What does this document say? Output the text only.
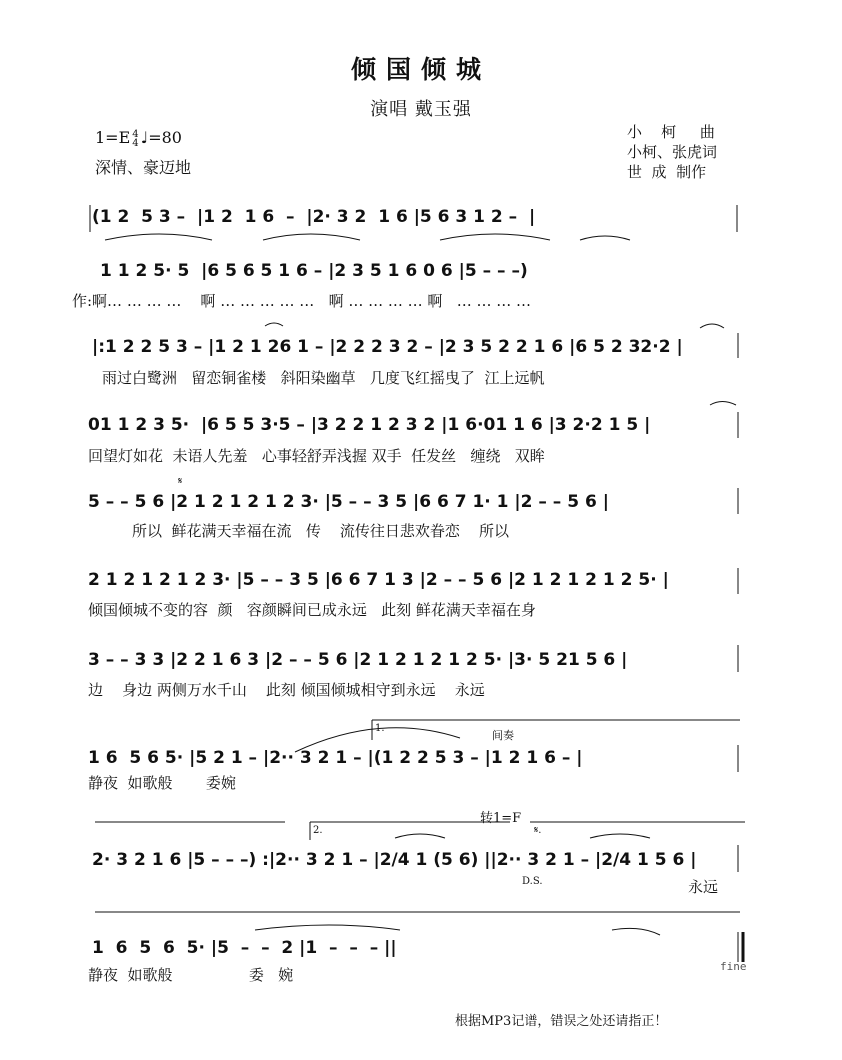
倾国倾城
演唱 戴玉强
1=E 4
4 ♩=80
深情、豪迈地
小    柯     曲
小柯、张虎词
世  成  制作
(1 2  5 3 –  |1 2  1 6  –  |2· 3 2  1 6 |5 6 3 1 2 –  |
1 1 2 5· 5  |6 5 6 5 1 6 – |2 3 5 1 6 0 6 |5 – – –)
作:啊… … … …    啊 … … … … …   啊 … … … … 啊   … … … …
|:1 2 2 5 3 – |1 2 1 26 1 – |2 2 2 3 2 – |2 3 5 2 2 1 6 |6 5 2 32·2 |
雨过白鹭洲   留恋铜雀楼   斜阳染幽草   几度飞红摇曳了  江上远帆
01 1 2 3 5·  |6 5 5 3·5 – |3 2 2 1 2 3 2 |1 6·01 1 6 |3 2·2 1 5 |
回望灯如花  未语人先羞   心事轻舒弄浅握 双手  任发丝   缠绕   双眸
5 – – 5 6 |2 1 2 1 2 1 2 3· |5 – – 3 5 |6 6 7 1· 1 |2 – – 5 6 |
所以  鲜花满天幸福在流   传    流传往日悲欢眷恋    所以
2 1 2 1 2 1 2 3· |5 – – 3 5 |6 6 7 1 3 |2 – – 5 6 |2 1 2 1 2 1 2 5· |
倾国倾城不变的容  颜   容颜瞬间已成永远   此刻 鲜花满天幸福在身
3 – – 3 3 |2 2 1 6 3 |2 – – 5 6 |2 1 2 1 2 1 2 5· |3· 5 21 5 6 |
边    身边 两侧万水千山    此刻 倾国倾城相守到永远    永远
1 6  5 6 5· |5 2 1 – |2·· 3 2 1 – |(1 2 2 5 3 – |1 2 1 6 – |
静夜  如歌般       委婉
2· 3 2 1 6 |5 – – –) :|2·· 3 2 1 – |2/4 1 (5 6) ||2·· 3 2 1 – |2/4 1 5 6 |
永远
1  6  5  6  5· |5  –  –  2 |1  –  –  – ||
静夜  如歌般                委   婉
1.
间奏
转1=F
2.	𝄋.
D.S.
𝄋
fine
根据MP3记谱，错误之处还请指正！
